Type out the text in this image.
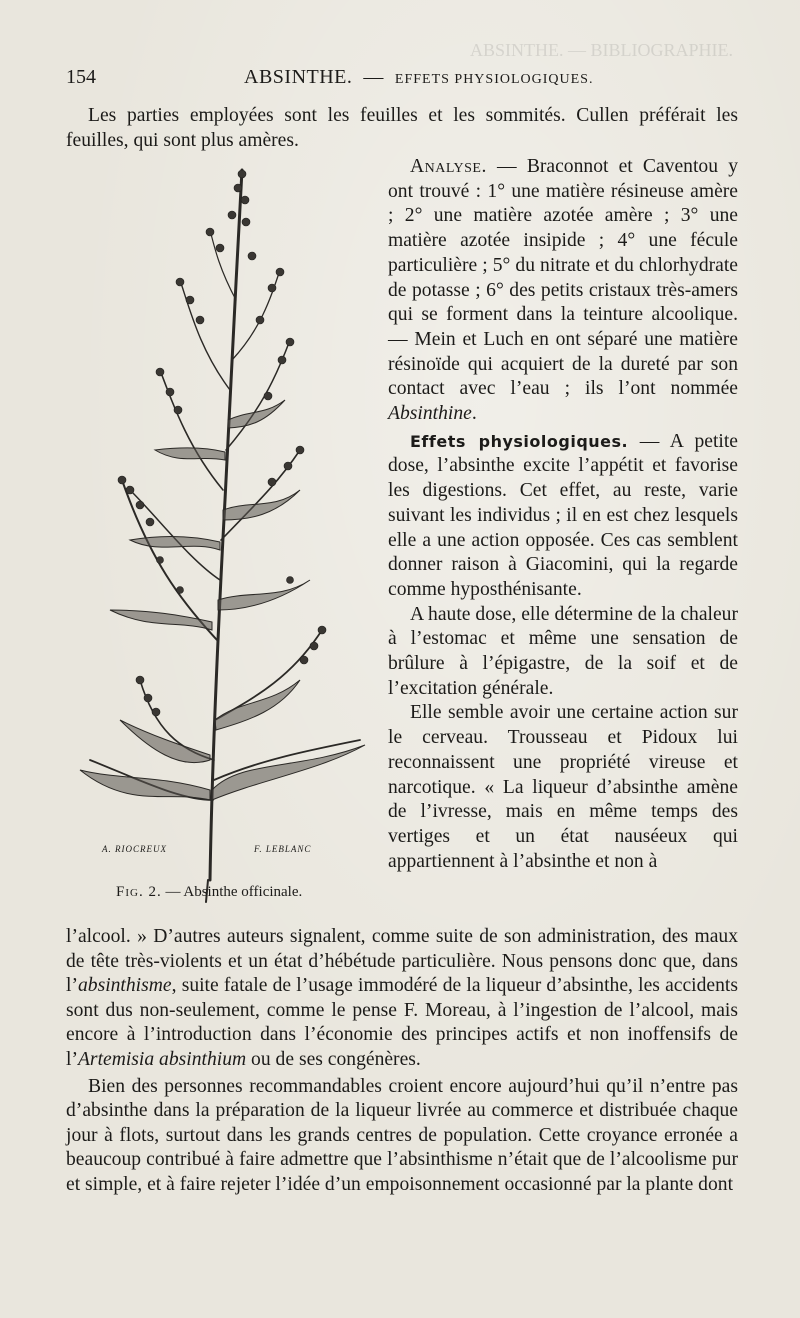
ABSINTHE. — BIBLIOGRAPHIE.
154	ABSINTHE. — EFFETS PHYSIOLOGIQUES.

Les parties employées sont les feuilles et les sommités. Cullen préférait les feuilles, qui sont plus amères.

A. RIOCREUX	F. LEBLANC
Fig. 2. — Absinthe officinale.

Analyse. — Braconnot et Caventou y ont trouvé : 1° une matière résineuse amère ; 2° une matière azotée amère ; 3° une matière azotée insipide ; 4° une fécule particulière ; 5° du nitrate et du chlorhydrate de potasse ; 6° des petits cristaux très-amers qui se forment dans la teinture alcoolique. — Mein et Luch en ont séparé une matière résinoïde qui acquiert de la dureté par son contact avec l’eau ; ils l’ont nommée Absinthine.

Effets physiologiques. — A petite dose, l’absinthe excite l’appétit et favorise les digestions. Cet effet, au reste, varie suivant les individus ; il en est chez lesquels elle a une action opposée. Ces cas semblent donner raison à Giacomini, qui la regarde comme hyposthénisante.

A haute dose, elle détermine de la chaleur à l’estomac et même une sensation de brûlure à l’épigastre, de la soif et de l’excitation générale.

Elle semble avoir une certaine action sur le cerveau. Trousseau et Pidoux lui reconnaissent une propriété vireuse et narcotique. « La liqueur d’absinthe amène de l’ivresse, mais en même temps des vertiges et un état nauséeux qui appartiennent à l’absinthe et non à

l’alcool. » D’autres auteurs signalent, comme suite de son administration, des maux de tête très-violents et un état d’hébétude particulière. Nous pensons donc que, dans l’absinthisme, suite fatale de l’usage immodéré de la liqueur d’absinthe, les accidents sont dus non-seulement, comme le pense F. Moreau, à l’ingestion de l’alcool, mais encore à l’introduction dans l’économie des principes actifs et non inoffensifs de l’Artemisia absinthium ou de ses congénères.

Bien des personnes recommandables croient encore aujourd’hui qu’il n’entre pas d’absinthe dans la préparation de la liqueur livrée au commerce et distribuée chaque jour à flots, surtout dans les grands centres de population. Cette croyance erronée a beaucoup contribué à faire admettre que l’absinthisme n’était que de l’alcoolisme pur et simple, et à faire rejeter l’idée d’un empoisonnement occasionné par la plante dont
